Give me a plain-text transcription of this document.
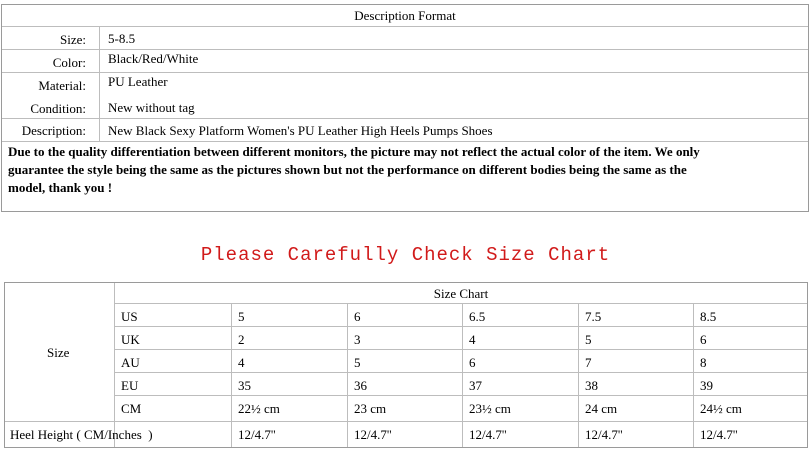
Description Format
Size: 5-8.5
Color: Black/Red/White
Material: PU Leather
Condition: New without tag
Description: New Black Sexy Platform Women's PU Leather High Heels Pumps Shoes
Due to the quality differentiation between different monitors, the picture may not reflect the actual color of the item. We only
guarantee the style being the same as the pictures shown but not the performance on different bodies being the same as the
model, thank you !
Please Carefully Check Size Chart
Size Chart
Size
US	5	6	6.5	7.5	8.5
UK	2	3	4	5	6
AU	4	5	6	7	8
EU	35	36	37	38	39
CM	22½ cm	23 cm	23½ cm	24 cm	24½ cm
Heel Height ( CM/Inches  )	12/4.7''	12/4.7''	12/4.7''	12/4.7''	12/4.7''
